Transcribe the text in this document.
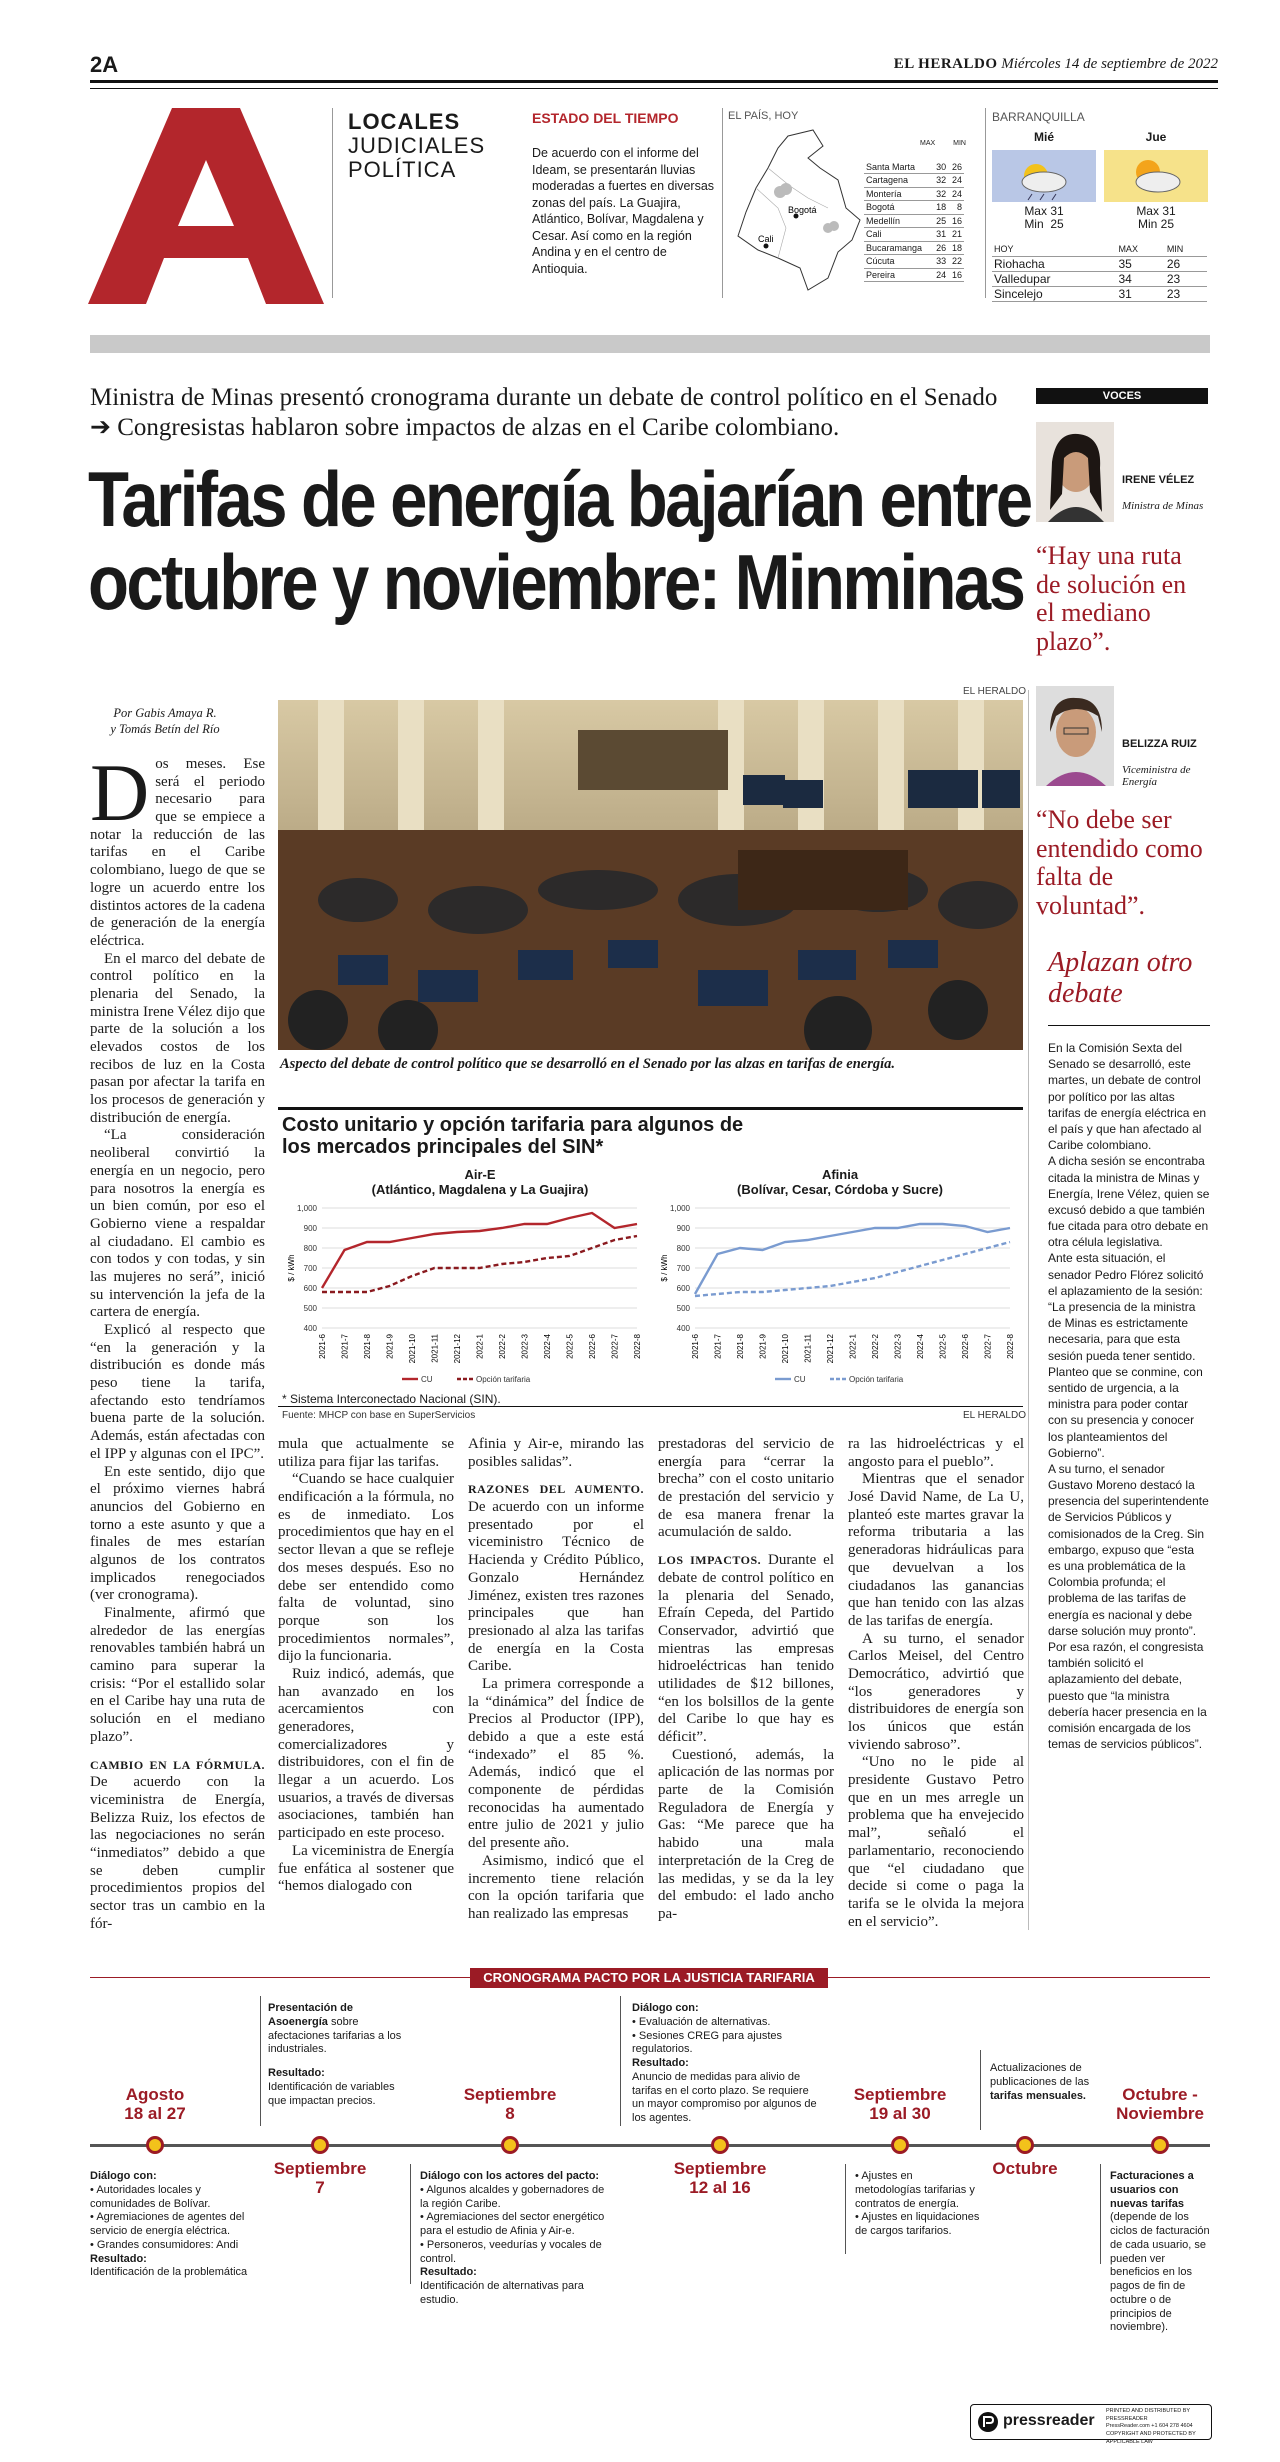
2A	EL HERALDO Miércoles 14 de septiembre de 2022
LOCALES
JUDICIALES
POLÍTICA
ESTADO DEL TIEMPO
De acuerdo con el informe del Ideam, se presentarán lluvias moderadas a fuertes en diversas zonas del país. La Guajira, Atlántico, Bolívar, Magdalena y Cesar. Así como en la región Andina y en el centro de Antioquia.
EL PAÍS, HOY
Bogotá
Cali
MAX	MIN
Santa Marta	30	26
Cartagena	32	24
Montería	32	24
Bogotá	18	8
Medellín	25	16
Cali	31	21
Bucaramanga	26	18
Cúcuta	33	22
Pereira	24	16
BARRANQUILLA
Mié	Jue
Max 31
Min  25
Max 31
Min 25
HOY	MAX	MIN
Riohacha	35	26
Valledupar	34	23
Sincelejo	31	23
Ministra de Minas presentó cronograma durante un debate de control político en el Senado ➔ Congresistas hablaron sobre impactos de alzas en el Caribe colombiano.
Tarifas de energía bajarían entre
octubre y noviembre: Minminas
VOCES
IRENE VÉLEZ
Ministra de Minas
“Hay una ruta de solución en el mediano plazo”.
BELIZZA RUIZ
Viceministra de Energía
“No debe ser entendido como falta de voluntad”.
Aplazan otro debate

En la Comisión Sexta del Senado se desarrolló, este martes, un debate de control por político por las altas tarifas de energía eléctrica en el país y que han afectado al Caribe colombiano.

A dicha sesión se encontraba citada la ministra de Minas y Energía, Irene Vélez, quien se excusó debido a que también fue citada para otro debate en otra célula legislativa.

Ante esta situación, el senador Pedro Flórez solicitó el aplazamiento de la sesión: “La presencia de la ministra de Minas es estrictamente necesaria, para que esta sesión pueda tener sentido. Planteo que se conmine, con sentido de urgencia, a la ministra para poder contar con su presencia y conocer los planteamientos del Gobierno”.

A su turno, el senador Gustavo Moreno destacó la presencia del superintendente de Servicios Públicos y comisionados de la Creg. Sin embargo, expuso que “esta es una problemática de la Colombia profunda; el problema de las tarifas de energía es nacional y debe darse solución muy pronto”. Por esa razón, el congresista también solicitó el aplazamiento del debate, puesto que “la ministra debería hacer presencia en la comisión encargada de los temas de servicios públicos”.

Por Gabis Amaya R.
y Tomás Betín del Río

Dos meses. Ese será el periodo necesario para que se empiece a notar la reducción de las tarifas en el Caribe colombiano, luego de que se logre un acuerdo entre los distintos actores de la cadena de generación de la energía eléctrica.

En el marco del debate de control político en la plenaria del Senado, la ministra Irene Vélez dijo que parte de la solución a los elevados costos de los recibos de luz en la Costa pasan por afectar la tarifa en los procesos de generación y distribución de energía.

“La consideración neoliberal convirtió la energía en un negocio, pero para nosotros la energía es un bien común, por eso el Gobierno viene a respaldar al ciudadano. El cambio es con todos y con todas, y sin las mujeres no será”, inició su intervención la jefa de la cartera de energía.

Explicó al respecto que “en la generación y la distribución es donde más peso tiene la tarifa, afectando esto tendríamos buena parte de la solución. Además, están afectadas con el IPP y algunas con el IPC”.

En este sentido, dijo que el próximo viernes habrá anuncios del Gobierno en torno a este asunto y que a finales de mes estarían algunos de los contratos implicados renegociados (ver cronograma).

Finalmente, afirmó que alrededor de las energías renovables también habrá un camino para superar la crisis: “Por el estallido solar en el Caribe hay una ruta de solución en el mediano plazo”.

CAMBIO EN LA FÓRMULA. De acuerdo con la viceministra de Energía, Belizza Ruiz, los efectos de las negociaciones no serán “inmediatos” debido a que se deben cumplir procedimientos propios del sector tras un cambio en la fór-

EL HERALDO
Aspecto del debate de control político que se desarrolló en el Senado por las alzas en tarifas de energía.
Costo unitario y opción tarifaria para algunos de los mercados principales del SIN*
Air-E
(Atlántico, Magdalena y La Guajira)
Afinia
(Bolívar, Cesar, Córdoba y Sucre)
400
500
600
700
800
900
1,000
$ / kWh
2021-6 2021-7 2021-8 2021-9 2021-10 2021-11 2021-12 2022-1 2022-2 2022-3 2022-4 2022-5 2022-6 2022-7 2022-8
CU	Opción tarifaria
400
500
600
700
800
900
1,000
$ / kWh
2021-6 2021-7 2021-8 2021-9 2021-10 2021-11 2021-12 2022-1 2022-2 2022-3 2022-4 2022-5 2022-6 2022-7 2022-8
CU	Opción tarifaria
* Sistema Interconectado Nacional (SIN).
Fuente: MHCP con base en SuperServicios	EL HERALDO

mula que actualmente se utiliza para fijar las tarifas.

“Cuando se hace cualquier endificación a la fórmula, no es de inmediato. Los procedimientos que hay en el sector llevan a que se refleje dos meses después. Eso no debe ser entendido como falta de voluntad, sino porque son los procedimientos normales”, dijo la funcionaria.

Ruiz indicó, además, que han avanzado en los acercamientos con generadores, comercializadores y distribuidores, con el fin de llegar a un acuerdo. Los usuarios, a través de diversas asociaciones, también han participado en este proceso.

La viceministra de Energía fue enfática al sostener que “hemos dialogado con

Afinia y Air-e, mirando las posibles salidas”.

RAZONES DEL AUMENTO. De acuerdo con un informe presentado por el viceministro Técnico de Hacienda y Crédito Público, Gonzalo Hernández Jiménez, existen tres razones principales que han presionado al alza las tarifas de energía en la Costa Caribe.

La primera corresponde a la “dinámica” del Índice de Precios al Productor (IPP), debido a que a este está “indexado” el 85 %. Además, indicó que el componente de pérdidas reconocidas ha aumentado entre julio de 2021 y julio del presente año.

Asimismo, indicó que el incremento tiene relación con la opción tarifaria que han realizado las empresas

prestadoras del servicio de energía para “cerrar la brecha” con el costo unitario de prestación del servicio y de esa manera frenar la acumulación de saldo.

LOS IMPACTOS. Durante el debate de control político en la plenaria del Senado, Efraín Cepeda, del Partido Conservador, advirtió que mientras las empresas hidroeléctricas han tenido utilidades de $12 billones, “en los bolsillos de la gente del Caribe lo que hay es déficit”.

Cuestionó, además, la aplicación de las normas por parte de la Comisión Reguladora de Energía y Gas: “Me parece que ha habido una mala interpretación de la Creg de las medidas, y se da la ley del embudo: el lado ancho pa-

ra las hidroeléctricas y el angosto para el pueblo”.

Mientras que el senador José David Name, de La U, planteó este martes gravar la reforma tributaria a las generadoras hidráulicas para que devuelvan a los ciudadanos las ganancias que han tenido con las alzas de las tarifas de energía.

A su turno, el senador Carlos Meisel, del Centro Democrático, advirtió que “los generadores y distribuidores de energía son los únicos que están viviendo sabroso”.

“Uno no le pide al presidente Gustavo Petro que en un mes arregle un problema que ha envejecido mal”, señaló el parlamentario, reconociendo que “el ciudadano que decide si come o paga la tarifa se le olvida la mejora en el servicio”.

CRONOGRAMA PACTO POR LA JUSTICIA TARIFARIA
Agosto
18 al 27
Septiembre
7
Septiembre
8
Septiembre
12 al 16
Septiembre
19 al 30
Octubre
Octubre -
Noviembre
Diálogo con:
• Autoridades locales y comunidades de Bolívar.
• Agremiaciones de agentes del servicio de energía eléctrica.
• Grandes consumidores: Andi
Resultado:
Identificación de la problemática
Presentación de Asoenergía sobre afectaciones tarifarias a los industriales.
Resultado:
Identificación de variables que impactan precios.
Diálogo con los actores del pacto:
• Algunos alcaldes y gobernadores de la región Caribe.
• Agremiaciones del sector energético para el estudio de Afinia y Air-e.
• Personeros, veedurías y vocales de control.
Resultado:
Identificación de alternativas para estudio.
Diálogo con:
• Evaluación de alternativas.
• Sesiones CREG para ajustes regulatorios.
Resultado:
Anuncio de medidas para alivio de tarifas en el corto plazo. Se requiere un mayor compromiso por algunos de los agentes.
• Ajustes en metodologías tarifarias y contratos de energía.
• Ajustes en liquidaciones de cargos tarifarios.
Actualizaciones de publicaciones de las tarifas mensuales.
Facturaciones a usuarios con nuevas tarifas (depende de los ciclos de facturación de cada usuario, se pueden ver beneficios en los pagos de fin de octubre o de principios de noviembre).
pressreader
PRINTED AND DISTRIBUTED BY PRESSREADER
PressReader.com +1 604 278 4604
COPYRIGHT AND PROTECTED BY APPLICABLE LAW
